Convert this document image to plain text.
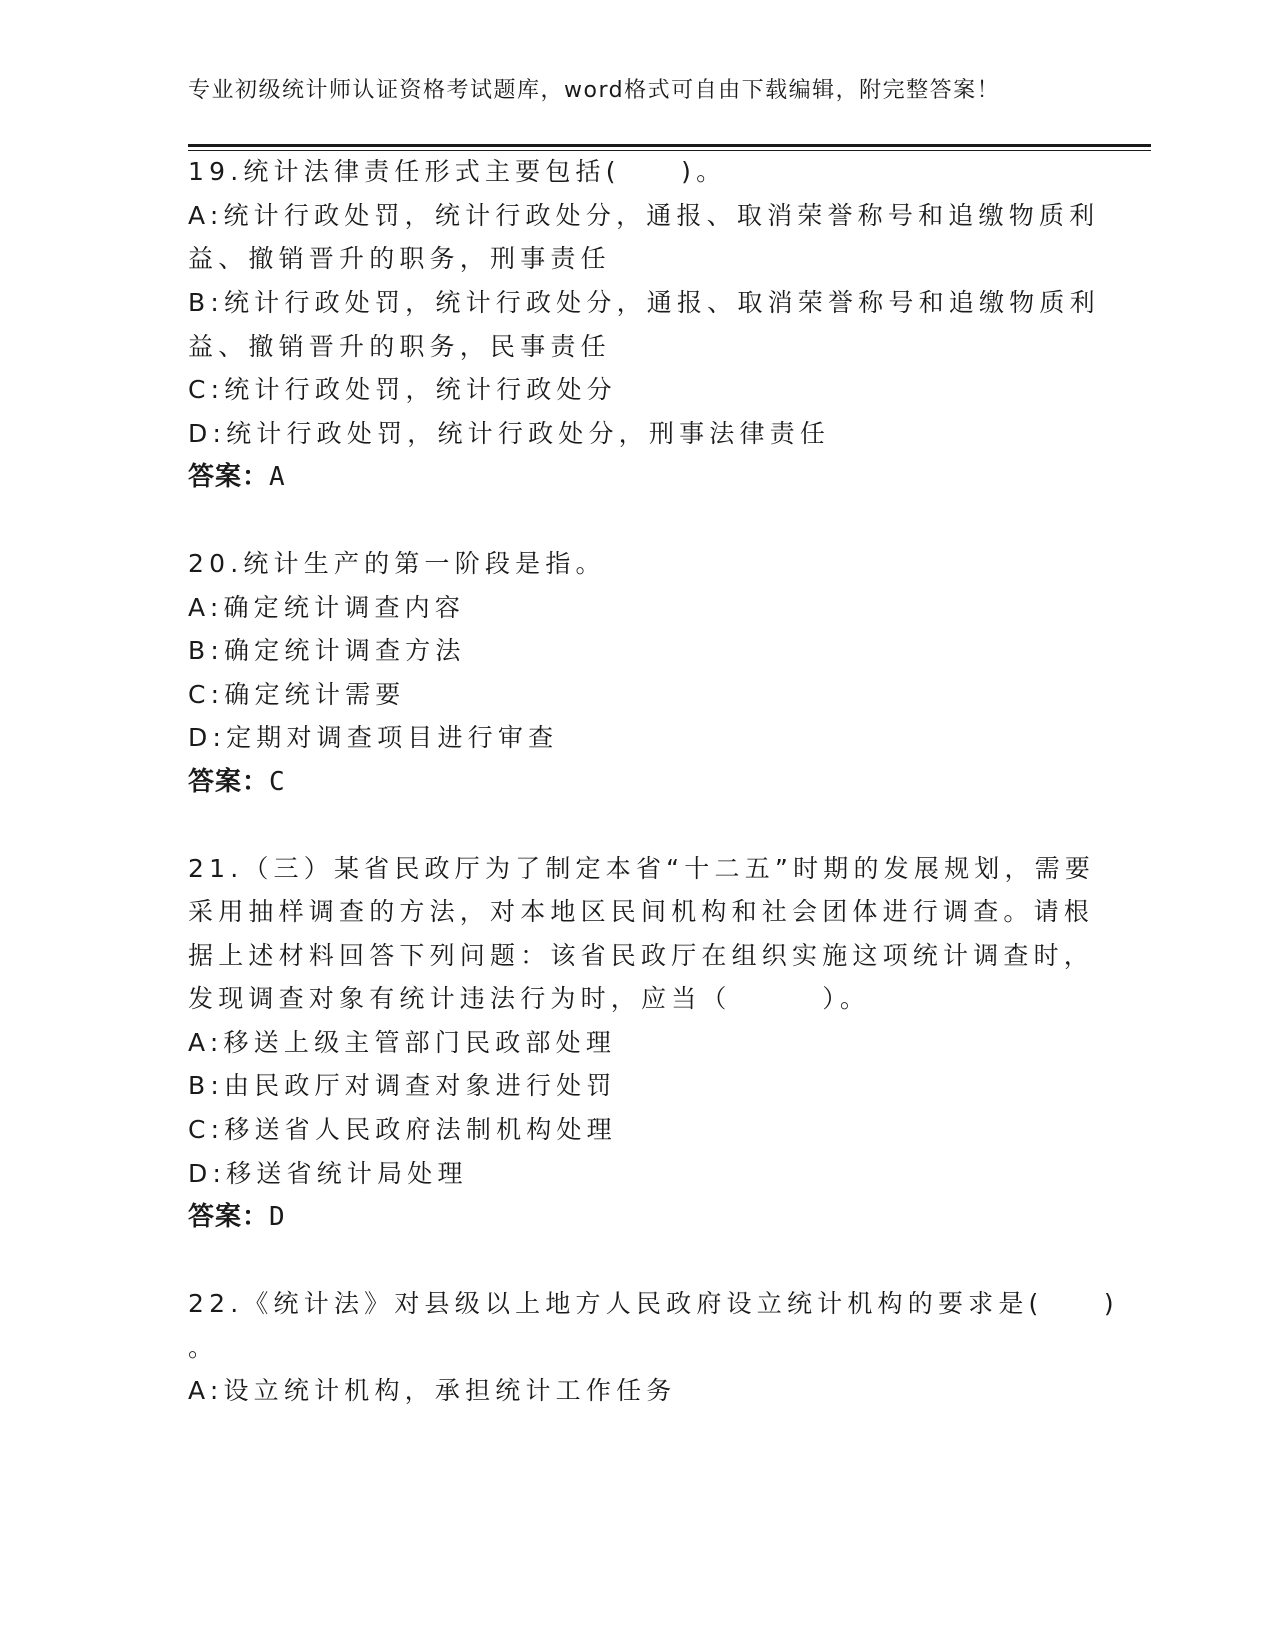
专业初级统计师认证资格考试题库，word格式可自由下载编辑，附完整答案！
19.统计法律责任形式主要包括(　　)。
A:统计行政处罚，统计行政处分，通报、取消荣誉称号和追缴物质利
益、撤销晋升的职务，刑事责任
B:统计行政处罚，统计行政处分，通报、取消荣誉称号和追缴物质利
益、撤销晋升的职务，民事责任
C:统计行政处罚，统计行政处分
D:统计行政处罚，统计行政处分，刑事法律责任
答案：A
20.统计生产的第一阶段是指。
A:确定统计调查内容
B:确定统计调查方法
C:确定统计需要
D:定期对调查项目进行审查
答案：C
21.（三）某省民政厅为了制定本省“十二五”时期的发展规划，需要
采用抽样调查的方法，对本地区民间机构和社会团体进行调查。请根
据上述材料回答下列问题：该省民政厅在组织实施这项统计调查时，
发现调查对象有统计违法行为时，应当（　　　）。
A:移送上级主管部门民政部处理
B:由民政厅对调查对象进行处罚
C:移送省人民政府法制机构处理
D:移送省统计局处理
答案：D
22.《统计法》对县级以上地方人民政府设立统计机构的要求是(　　)
。
A:设立统计机构，承担统计工作任务
